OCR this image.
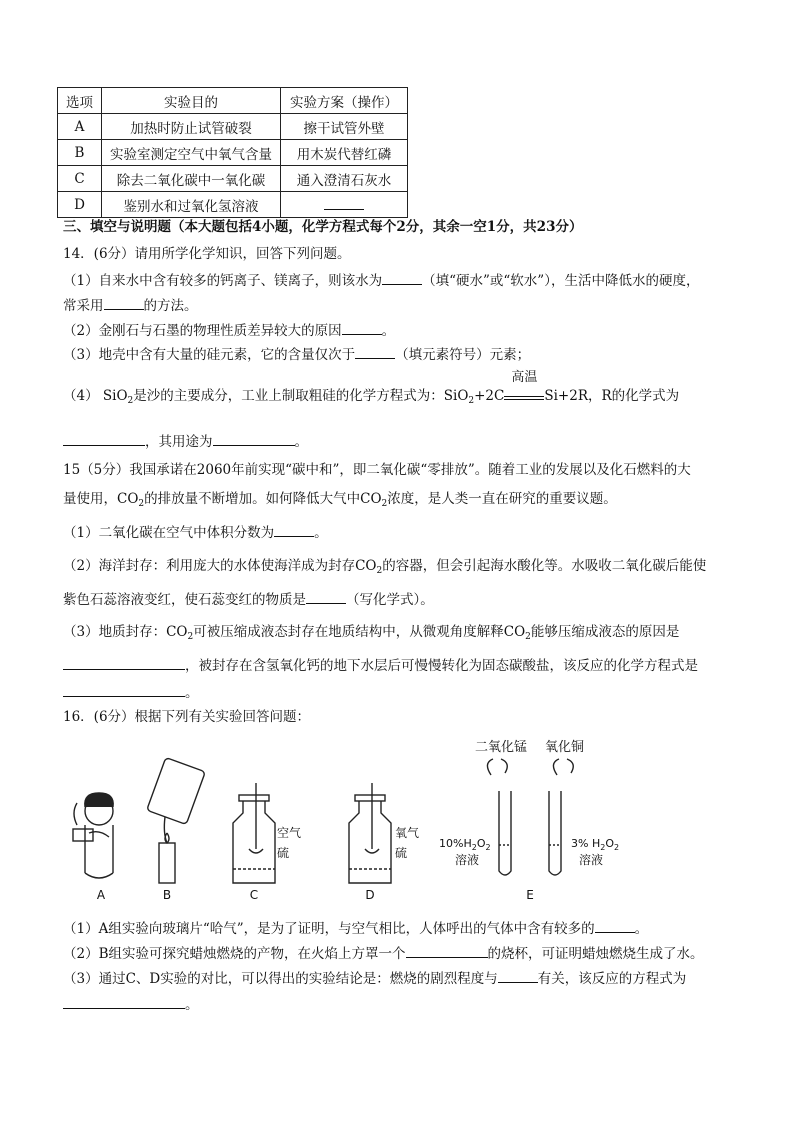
选项	实验目的	实验方案（操作）
A	加热时防止试管破裂	擦干试管外壁
B	实验室测定空气中氧气含量	用木炭代替红磷
C	除去二氧化碳中一氧化碳	通入澄清石灰水
D	鉴别水和过氧化氢溶液	
三、填空与说明题（本大题包括4小题，化学方程式每个2分，其余一空1分，共23分）
14．(6分）请用所学化学知识，回答下列问题。
（1）自来水中含有较多的钙离子、镁离子，则该水为	（填“硬水”或“软水”），生活中降低水的硬度，
常采用	的方法。
（2）金刚石与石墨的物理性质差异较大的原因	。
（3）地壳中含有大量的硅元素，它的含量仅次于	（填元素符号）元素；
（4） SiO$_2$是沙的主要成分，工业上制取粗硅的化学方程式为：SiO$_2$+2C
高温
Si+2R，R的化学式为
，其用途为	。
15（5分）我国承诺在2060年前实现“碳中和”，即二氧化碳“零排放”。随着工业的发展以及化石燃料的大
量使用，$CO_2$的排放量不断增加。如何降低大气中$CO_2$浓度，是人类一直在研究的重要议题。
（1）二氧化碳在空气中体积分数为	。
（2）海洋封存：利用庞大的水体使海洋成为封存$CO_2$的容器，但会引起海水酸化等。水吸收二氧化碳后能使
紫色石蕊溶液变红，使石蕊变红的物质是	（写化学式）。
（3）地质封存：$CO_2$可被压缩成液态封存在地质结构中，从微观角度解释$CO_2$能够压缩成液态的原因是
，被封存在含氢氧化钙的地下水层后可慢慢转化为固态碳酸盐，该反应的化学方程式是
。
16．(6分）根据下列有关实验回答问题：
A	B
空气
硫
C
氧气
硫
D
二氧化锰 氧化铜
$10\%H_2O_2$
溶液
3% $H_2O_2$
溶液
E
（1）A组实验向玻璃片“哈气”，是为了证明，与空气相比，人体呼出的气体中含有较多的	。
（2）B组实验可探究蜡烛燃烧的产物，在火焰上方罩一个	的烧杯，可证明蜡烛燃烧生成了水。
（3）通过C、D实验的对比，可以得出的实验结论是：燃烧的剧烈程度与	有关，该反应的方程式为
。
